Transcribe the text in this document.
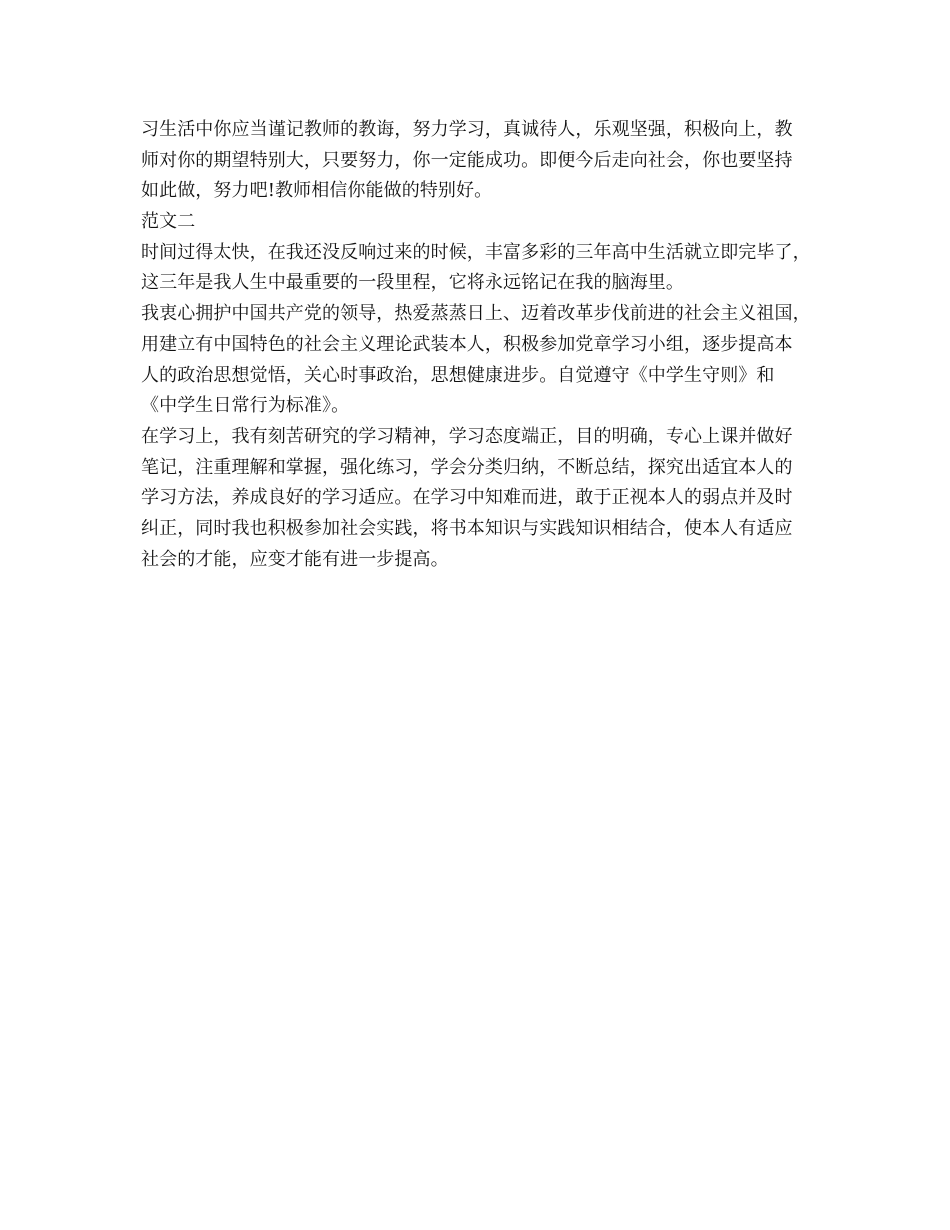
习生活中你应当谨记教师的教诲，努力学习，真诚待人，乐观坚强，积极向上，教
师对你的期望特别大，只要努力，你一定能成功。即便今后走向社会，你也要坚持
如此做，努力吧!教师相信你能做的特别好。
范文二
时间过得太快，在我还没反响过来的时候，丰富多彩的三年高中生活就立即完毕了，
这三年是我人生中最重要的一段里程，它将永远铭记在我的脑海里。
我衷心拥护中国共产党的领导，热爱蒸蒸日上、迈着改革步伐前进的社会主义祖国，
用建立有中国特色的社会主义理论武装本人，积极参加党章学习小组，逐步提高本
人的政治思想觉悟，关心时事政治，思想健康进步。自觉遵守《中学生守则》和
《中学生日常行为标准》。
在学习上，我有刻苦研究的学习精神，学习态度端正，目的明确，专心上课并做好
笔记，注重理解和掌握，强化练习，学会分类归纳，不断总结，探究出适宜本人的
学习方法，养成良好的学习适应。在学习中知难而进，敢于正视本人的弱点并及时
纠正，同时我也积极参加社会实践，将书本知识与实践知识相结合，使本人有适应
社会的才能，应变才能有进一步提高。
